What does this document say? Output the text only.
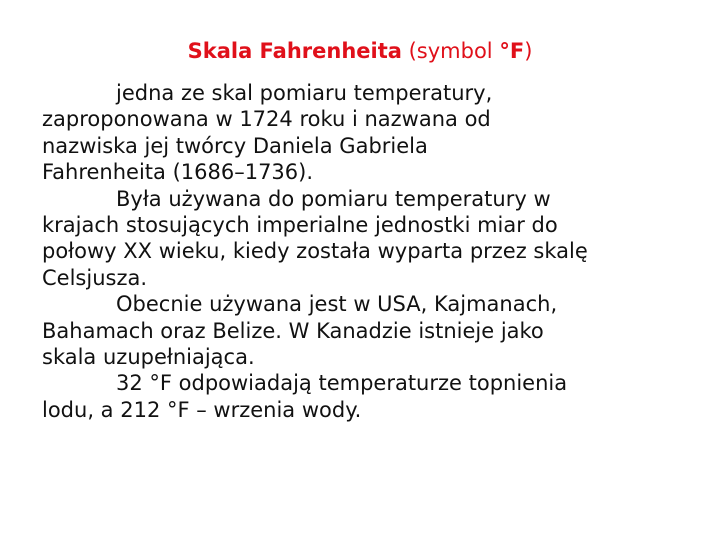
Skala Fahrenheita (symbol °F)
jedna ze skal pomiaru temperatury,
zaproponowana w 1724 roku i nazwana od
nazwiska jej twórcy Daniela Gabriela
Fahrenheita (1686–1736).
Była używana do pomiaru temperatury w
krajach stosujących imperialne jednostki miar do
połowy XX wieku, kiedy została wyparta przez skalę
Celsjusza.
Obecnie używana jest w USA, Kajmanach,
Bahamach oraz Belize. W Kanadzie istnieje jako
skala uzupełniająca.
32 °F odpowiadają temperaturze topnienia
lodu, a 212 °F – wrzenia wody.
